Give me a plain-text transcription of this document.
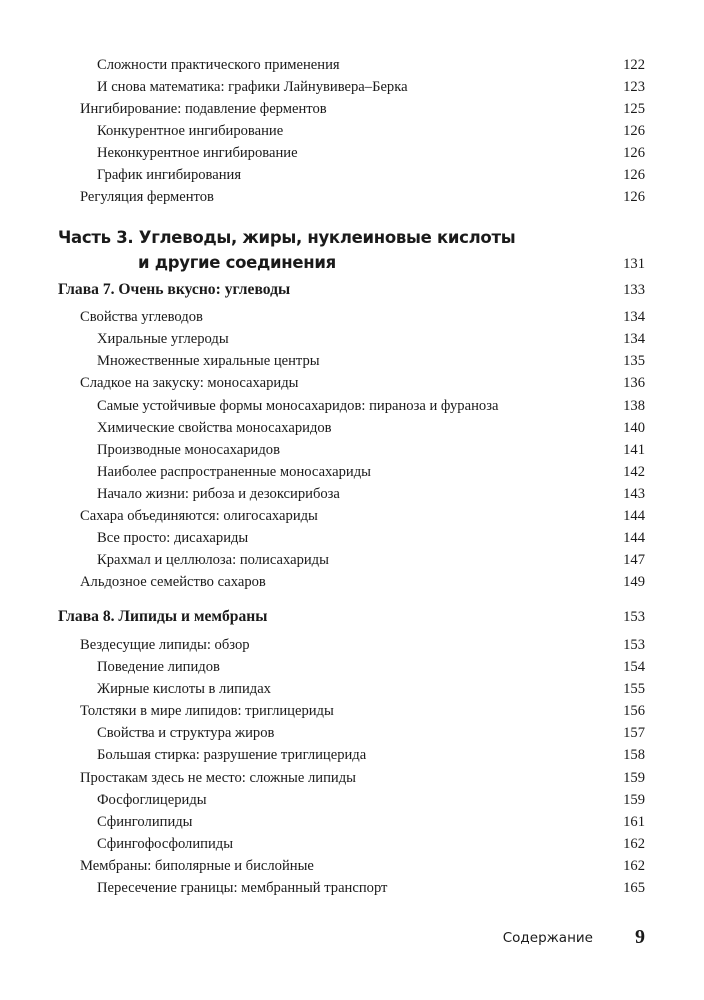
Сложности практического применения	122
И снова математика: графики Лайнувивера–Берка	123
Ингибирование: подавление ферментов	125
Конкурентное ингибирование	126
Неконкурентное ингибирование	126
График ингибирования	126
Регуляция ферментов	126
Часть 3. Углеводы, жиры, нуклеиновые кислоты
и другие соединения	131
Глава 7. Очень вкусно: углеводы	133
Свойства углеводов	134
Хиральные углероды	134
Множественные хиральные центры	135
Сладкое на закуску: моносахариды	136
Самые устойчивые формы моносахаридов: пираноза и фураноза	138
Химические свойства моносахаридов	140
Производные моносахаридов	141
Наиболее распространенные моносахариды	142
Начало жизни: рибоза и дезоксирибоза	143
Сахара объединяются: олигосахариды	144
Все просто: дисахариды	144
Крахмал и целлюлоза: полисахариды	147
Альдозное семейство сахаров	149
Глава 8. Липиды и мембраны	153
Вездесущие липиды: обзор	153
Поведение липидов	154
Жирные кислоты в липидах	155
Толстяки в мире липидов: триглицериды	156
Свойства и структура жиров	157
Большая стирка: разрушение триглицерида	158
Простакам здесь не место: сложные липиды	159
Фосфоглицериды	159
Сфинголипиды	161
Сфингофосфолипиды	162
Мембраны: биполярные и бислойные	162
Пересечение границы: мембранный транспорт	165
Содержание 9
